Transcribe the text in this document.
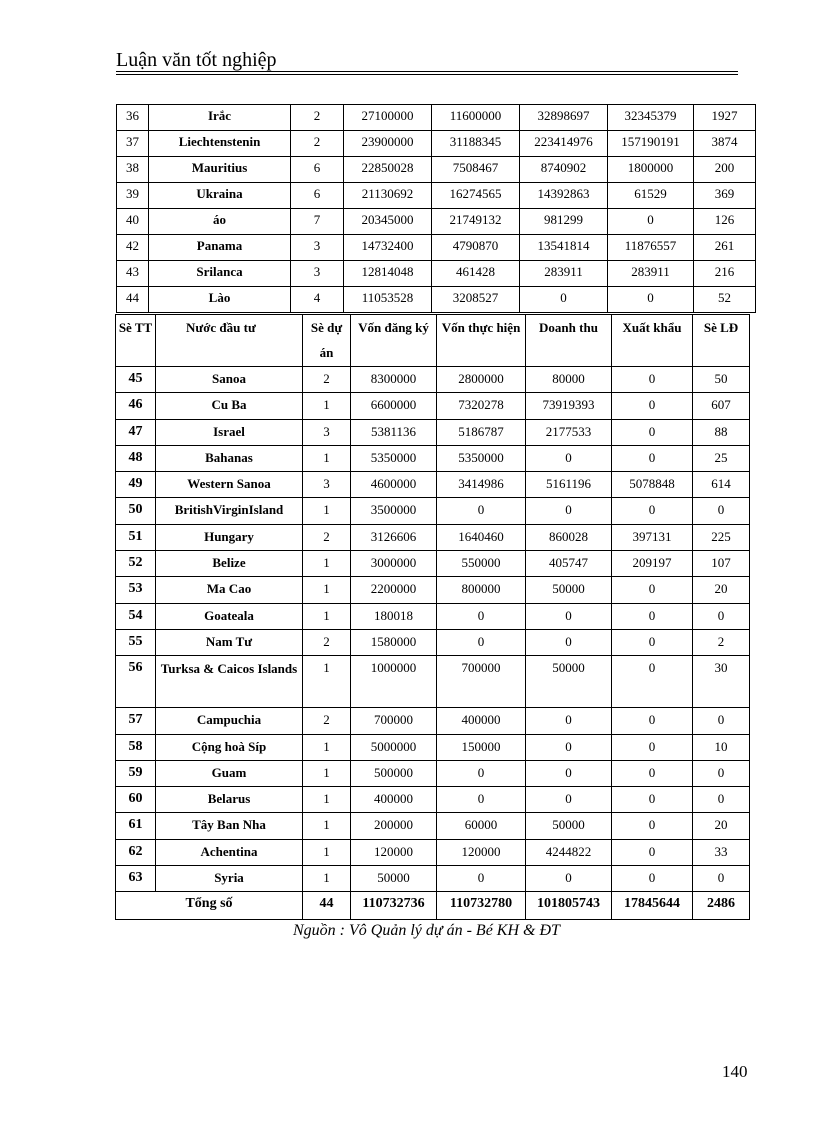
Luận văn tốt nghiệp
36	Irắc	2	27100000	11600000	32898697	32345379	1927
37	Liechtenstenin	2	23900000	31188345	223414976	157190191	3874
38	Mauritius	6	22850028	7508467	8740902	1800000	200
39	Ukraina	6	21130692	16274565	14392863	61529	369
40	áo	7	20345000	21749132	981299	0	126
42	Panama	3	14732400	4790870	13541814	11876557	261
43	Srilanca	3	12814048	461428	283911	283911	216
44	Lào	4	11053528	3208527	0	0	52
Sè TT	Nước đầu tư	Sè dự án	Vốn đăng ký	Vốn thực hiện	Doanh thu	Xuất khẩu	Sè LĐ
45	Sanoa	2	8300000	2800000	80000	0	50
46	Cu Ba	1	6600000	7320278	73919393	0	607
47	Israel	3	5381136	5186787	2177533	0	88
48	Bahanas	1	5350000	5350000	0	0	25
49	Western Sanoa	3	4600000	3414986	5161196	5078848	614
50	BritishVirginIsland	1	3500000	0	0	0	0
51	Hungary	2	3126606	1640460	860028	397131	225
52	Belize	1	3000000	550000	405747	209197	107
53	Ma Cao	1	2200000	800000	50000	0	20
54	Goateala	1	180018	0	0	0	0
55	Nam Tư	2	1580000	0	0	0	2
56	Turksa & Caicos Islands	1	1000000	700000	50000	0	30
57	Campuchia	2	700000	400000	0	0	0
58	Cộng hoà Síp	1	5000000	150000	0	0	10
59	Guam	1	500000	0	0	0	0
60	Belarus	1	400000	0	0	0	0
61	Tây Ban Nha	1	200000	60000	50000	0	20
62	Achentina	1	120000	120000	4244822	0	33
63	Syria	1	50000	0	0	0	0
Tổng số		44	110732736	110732780	101805743	17845644	2486
Nguồn : Vô Quản lý dự án - Bé KH & ĐT
140
